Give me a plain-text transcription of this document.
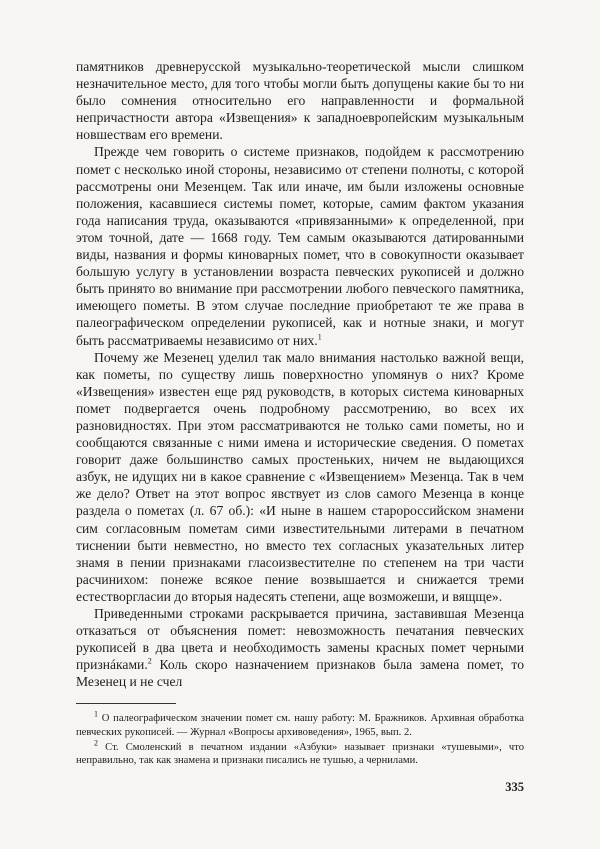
памятников древнерусской музыкально-теоретической мысли слишком незначительное место, для того чтобы могли быть допущены какие бы то ни было сомнения относительно его направленности и формальной непричастности автора «Извещения» к западноевропейским музыкальным новшествам его времени.

Прежде чем говорить о системе признаков, подойдем к рассмотрению помет с несколько иной стороны, независимо от степени полноты, с которой рассмотрены они Мезенцем. Так или иначе, им были изложены основные положения, касавшиеся системы помет, которые, самим фактом указания года написания труда, оказываются «привязанными» к определенной, при этом точной, дате — 1668 году. Тем самым оказываются датированными виды, названия и формы киноварных помет, что в совокупности оказывает большую услугу в установлении возраста певческих рукописей и должно быть принято во внимание при рассмотрении любого певческого памятника, имеющего пометы. В этом случае последние приобретают те же права в палеографическом определении рукописей, как и нотные знаки, и могут быть рассматриваемы независимо от них.$^1$

Почему же Мезенец уделил так мало внимания настолько важной вещи, как пометы, по существу лишь поверхностно упомянув о них? Кроме «Извещения» известен еще ряд руководств, в которых система киноварных помет подвергается очень подробному рассмотрению, во всех их разновидностях. При этом рассматриваются не только сами пометы, но и сообщаются связанные с ними имена и исторические сведения. О пометах говорит даже большинство самых простеньких, ничем не выдающихся азбук, не идущих ни в какое сравнение с «Извещением» Мезенца. Так в чем же дело? Ответ на этот вопрос явствует из слов самого Мезенца в конце раздела о пометах (л. 67 об.): «И ныне в нашем старороссийском знамени сим согласовным пометам сими известительными литерами в печатном тиснении быти невместно, но вместо тех согласных указательных литер знамя в пении признаками гласоизвестителне по степенем на три части расчинихом: понеже всякое пение возвышается и снижается треми естестворгласии до вторыя надесять степени, аще возможеши, и вящще».

Приведенными строками раскрывается причина, заставившая Мезенца отказаться от объяснения помет: невозможность печатания певческих рукописей в два цвета и необходимость замены красных помет черными признáками.$^2$ Коль скоро назначением признаков была замена помет, то Мезенец и не счел

$^1$ О палеографическом значении помет см. нашу работу: М. Бражников. Архивная обработка певческих рукописей. — Журнал «Вопросы архивоведения», 1965, вып. 2.

$^2$ Ст. Смоленский в печатном издании «Азбуки» называет признаки «тушевыми», что неправильно, так как знамена и признаки писались не тушью, а чернилами.

335
